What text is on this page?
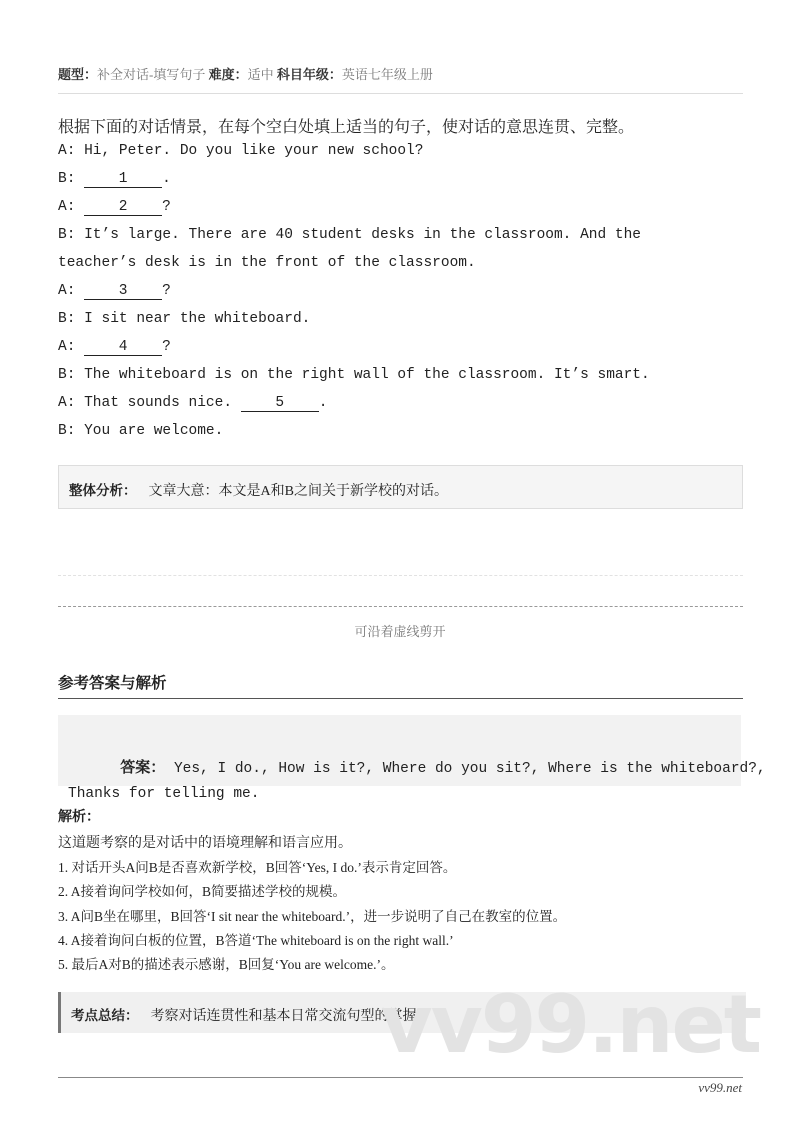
题型：补全对话-填写句子 难度：适中 科目年级：英语七年级上册
根据下面的对话情景，在每个空白处填上适当的句子，使对话的意思连贯、完整。
A: Hi, Peter. Do you like your new school?
B: 1 .
A: 2 ?
B: It’s large. There are 40 student desks in the classroom. And the
teacher’s desk is in the front of the classroom.
A: 3 ?
B: I sit near the whiteboard.
A: 4 ?
B: The whiteboard is on the right wall of the classroom. It’s smart.
A: That sounds nice. 5 .
B: You are welcome.
整体分析： 文章大意：本文是A和B之间关于新学校的对话。
可沿着虚线剪开
参考答案与解析

答案： Yes, I do., How is it?, Where do you sit?, Where is the whiteboard?,
Thanks for telling me.

解析：
这道题考察的是对话中的语境理解和语言应用。
1. 对话开头A问B是否喜欢新学校，B回答‘Yes, I do.’表示肯定回答。
2. A接着询问学校如何，B简要描述学校的规模。
3. A问B坐在哪里，B回答‘I sit near the whiteboard.’，进一步说明了自己在教室的位置。
4. A接着询问白板的位置，B答道‘The whiteboard is on the right wall.’
5. 最后A对B的描述表示感谢，B回复‘You are welcome.’。
考点总结： 考察对话连贯性和基本日常交流句型的掌握
vv99.net
vv99.net
